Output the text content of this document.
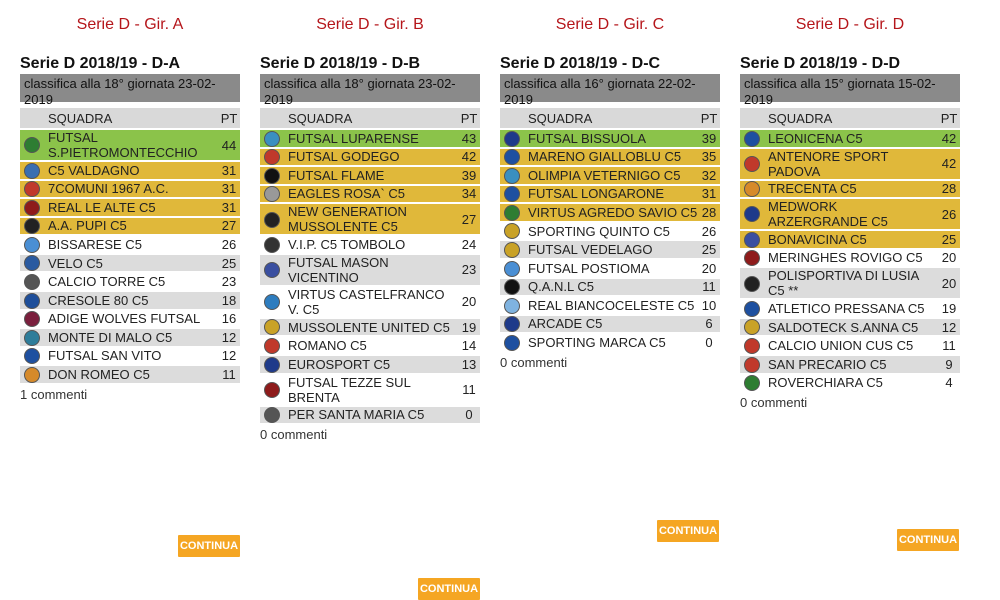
Serie D - Gir. A
Serie D 2018/19 - D-A
classifica alla 18° giornata 23-02-2019
	SQUADRA	PT
	FUTSAL S.PIETROMONTECCHIO	44
	C5 VALDAGNO	31
	7COMUNI 1967 A.C.	31
	REAL LE ALTE C5	31
	A.A. PUPI C5	27
	BISSARESE C5	26
	VELO C5	25
	CALCIO TORRE C5	23
	CRESOLE 80 C5	18
	ADIGE WOLVES FUTSAL	16
	MONTE DI MALO C5	12
	FUTSAL SAN VITO	12
	DON ROMEO C5	11
1 commenti
CONTINUA
Serie D - Gir. B
Serie D 2018/19 - D-B
classifica alla 18° giornata 23-02-2019
	SQUADRA	PT
	FUTSAL LUPARENSE	43
	FUTSAL GODEGO	42
	FUTSAL FLAME	39
	EAGLES ROSA` C5	34
	NEW GENERATION MUSSOLENTE C5	27
	V.I.P. C5 TOMBOLO	24
	FUTSAL MASON VICENTINO	23
	VIRTUS CASTELFRANCO V. C5	20
	MUSSOLENTE UNITED C5	19
	ROMANO C5	14
	EUROSPORT C5	13
	FUTSAL TEZZE SUL BRENTA	11
	PER SANTA MARIA C5	0
0 commenti
CONTINUA
Serie D - Gir. C
Serie D 2018/19 - D-C
classifica alla 16° giornata 22-02-2019
	SQUADRA	PT
	FUTSAL BISSUOLA	39
	MARENO GIALLOBLU C5	35
	OLIMPIA VETERNIGO C5	32
	FUTSAL LONGARONE	31
	VIRTUS AGREDO SAVIO C5	28
	SPORTING QUINTO C5	26
	FUTSAL VEDELAGO	25
	FUTSAL POSTIOMA	20
	Q.A.N.L C5	11
	REAL BIANCOCELESTE C5	10
	ARCADE C5	6
	SPORTING MARCA C5	0
0 commenti
CONTINUA
Serie D - Gir. D
Serie D 2018/19 - D-D
classifica alla 15° giornata 15-02-2019
	SQUADRA	PT
	LEONICENA C5	42
	ANTENORE SPORT PADOVA	42
	TRECENTA C5	28
	MEDWORK ARZERGRANDE C5	26
	BONAVICINA C5	25
	MERINGHES ROVIGO C5	20
	POLISPORTIVA DI LUSIA C5 **	20
	ATLETICO PRESSANA C5	19
	SALDOTECK S.ANNA C5	12
	CALCIO UNION CUS C5	11
	SAN PRECARIO C5	9
	ROVERCHIARA C5	4
0 commenti
CONTINUA
